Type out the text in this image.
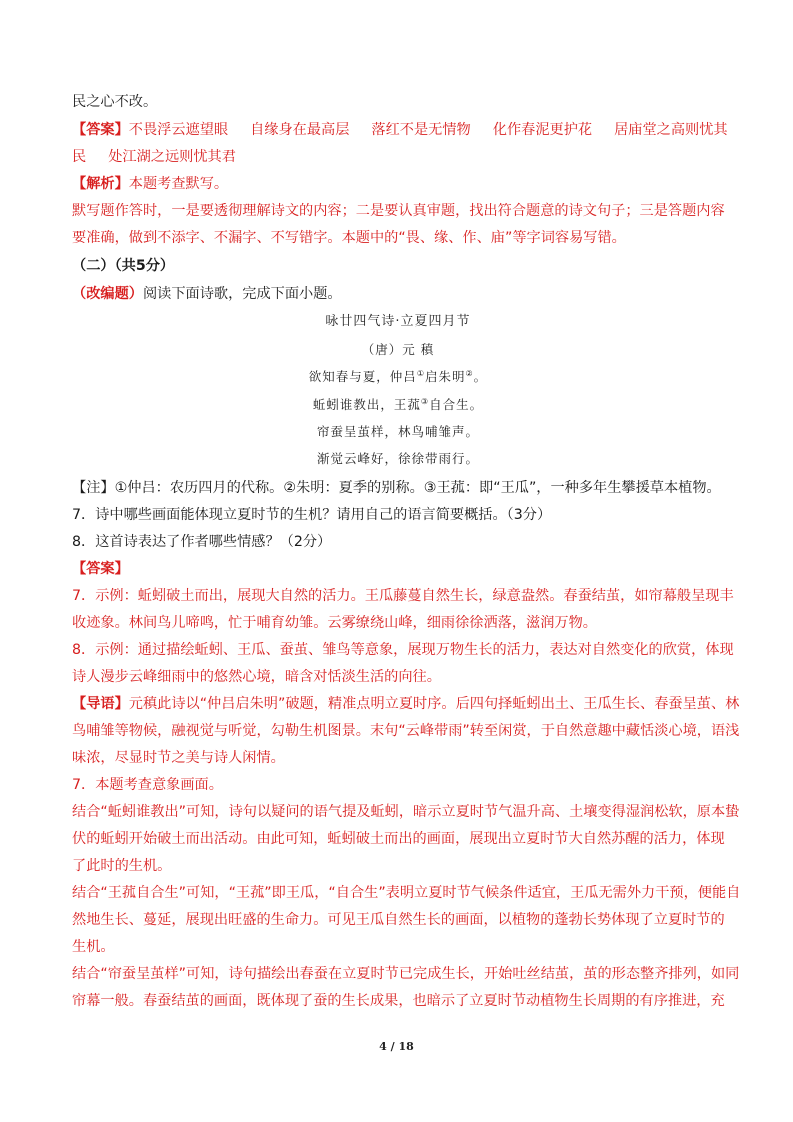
民之心不改。
【答案】不畏浮云遮望眼 自缘身在最高层 落红不是无情物 化作春泥更护花 居庙堂之高则忧其
民 处江湖之远则忧其君
【解析】本题考查默写。
默写题作答时，一是要透彻理解诗文的内容；二是要认真审题，找出符合题意的诗文句子；三是答题内容
要准确，做到不添字、不漏字、不写错字。本题中的“畏、缘、作、庙”等字词容易写错。
（二）（共5分）
（改编题）阅读下面诗歌，完成下面小题。
咏廿四气诗·立夏四月节
（唐）元 稹
欲知春与夏，仲吕①启朱明②。
蚯蚓谁教出，王菰③自合生。
帘蚕呈茧样，林鸟哺雏声。
渐觉云峰好，徐徐带雨行。
【注】①仲吕：农历四月的代称。②朱明：夏季的别称。③王菰：即“王瓜”，一种多年生攀援草本植物。
7．诗中哪些画面能体现立夏时节的生机？请用自己的语言简要概括。（3分）
8．这首诗表达了作者哪些情感？（2分）
【答案】
7．示例：蚯蚓破土而出，展现大自然的活力。王瓜藤蔓自然生长，绿意盎然。春蚕结茧，如帘幕般呈现丰
收迹象。林间鸟儿啼鸣，忙于哺育幼雏。云雾缭绕山峰，细雨徐徐洒落，滋润万物。
8．示例：通过描绘蚯蚓、王瓜、蚕茧、雏鸟等意象，展现万物生长的活力，表达对自然变化的欣赏，体现
诗人漫步云峰细雨中的悠然心境，暗含对恬淡生活的向往。
【导语】元稹此诗以“仲吕启朱明”破题，精准点明立夏时序。后四句择蚯蚓出土、王瓜生长、春蚕呈茧、林
鸟哺雏等物候，融视觉与听觉，勾勒生机图景。末句“云峰带雨”转至闲赏，于自然意趣中藏恬淡心境，语浅
味浓，尽显时节之美与诗人闲情。
7．本题考查意象画面。
结合“蚯蚓谁教出”可知，诗句以疑问的语气提及蚯蚓，暗示立夏时节气温升高、土壤变得湿润松软，原本蛰
伏的蚯蚓开始破土而出活动。由此可知，蚯蚓破土而出的画面，展现出立夏时节大自然苏醒的活力，体现
了此时的生机。
结合“王菰自合生”可知，“王菰”即王瓜，“自合生”表明立夏时节气候条件适宜，王瓜无需外力干预，便能自
然地生长、蔓延，展现出旺盛的生命力。可见王瓜自然生长的画面，以植物的蓬勃长势体现了立夏时节的
生机。
结合“帘蚕呈茧样”可知，诗句描绘出春蚕在立夏时节已完成生长，开始吐丝结茧，茧的形态整齐排列，如同
帘幕一般。春蚕结茧的画面，既体现了蚕的生长成果，也暗示了立夏时节动植物生长周期的有序推进，充
4 / 18
